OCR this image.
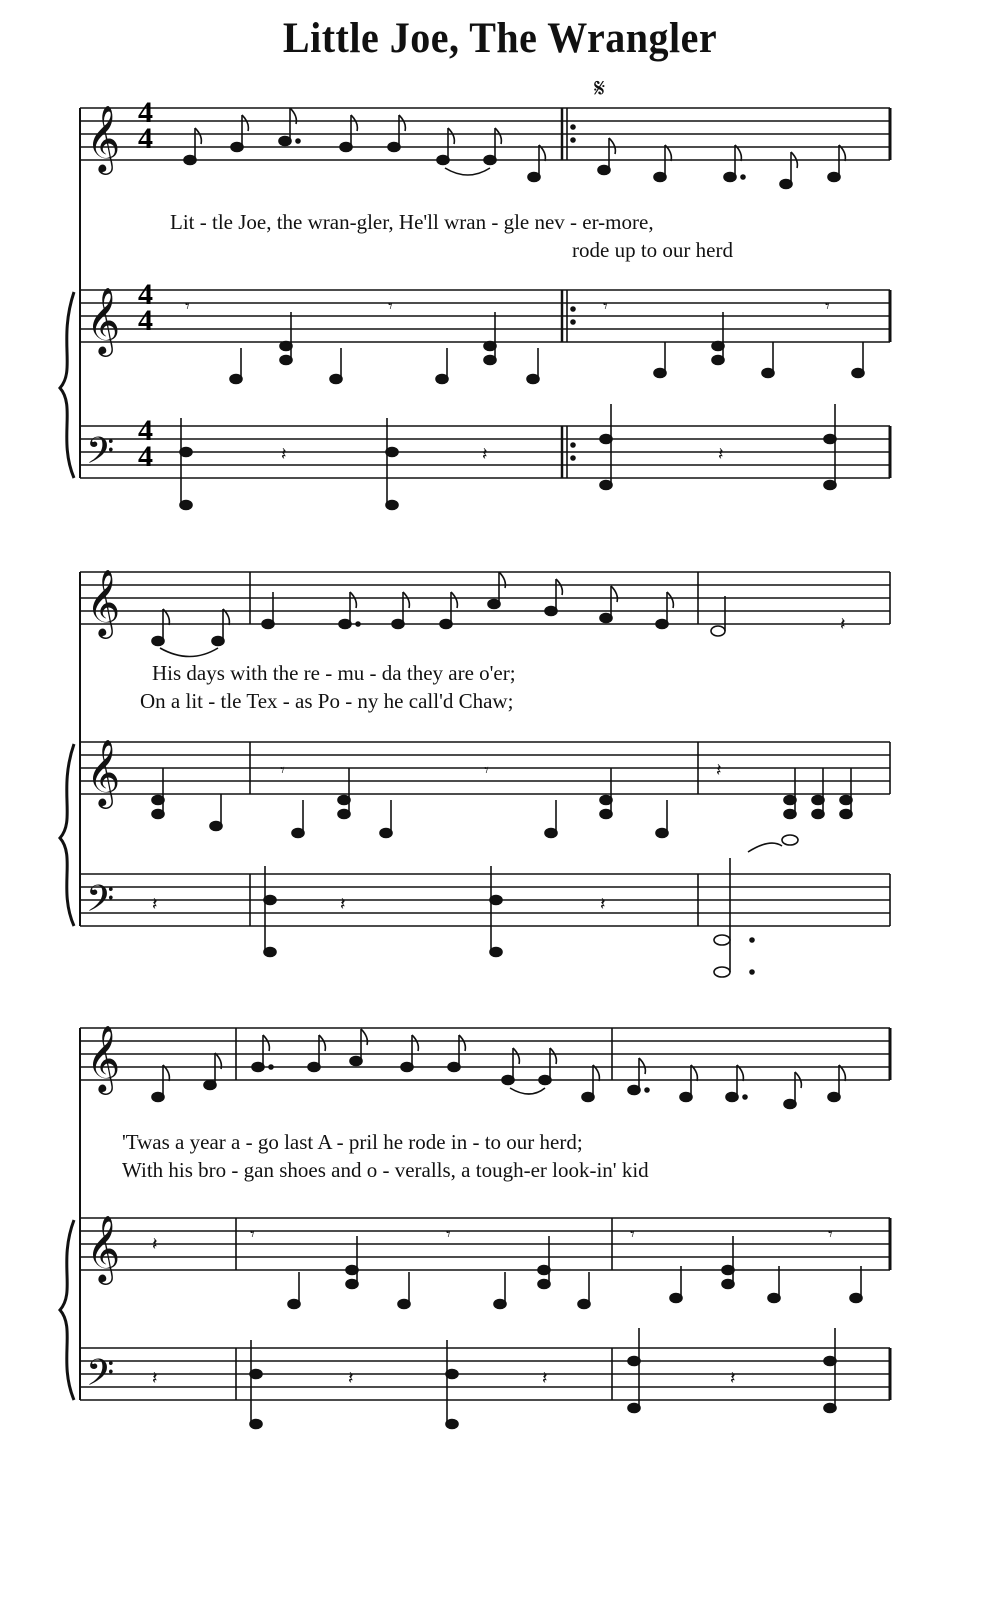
Little Joe, The Wrangler
𝄋
𝄞
𝄞
𝄢
𝄾	𝄾	𝄾	𝄾
𝄽	𝄽	𝄽
𝄞
𝄞
𝄢
𝄾	𝄾	𝄽
𝄽	𝄽	𝄽
𝄽
𝄞
𝄞
𝄢
𝄽	𝄾	𝄾	𝄾	𝄾
𝄽	𝄽	𝄽	𝄽
4
4
4
4
4
4
Lit - tle Joe, the wran-gler, He'll wran - gle nev - er-more,
rode up to our herd
His days with the re - mu - da they are o'er;
On a lit - tle Tex - as Po - ny he call'd Chaw;
'Twas a year a - go last A - pril he rode in - to our herd;
With his bro - gan shoes and o - veralls, a tough-er look-in' kid
